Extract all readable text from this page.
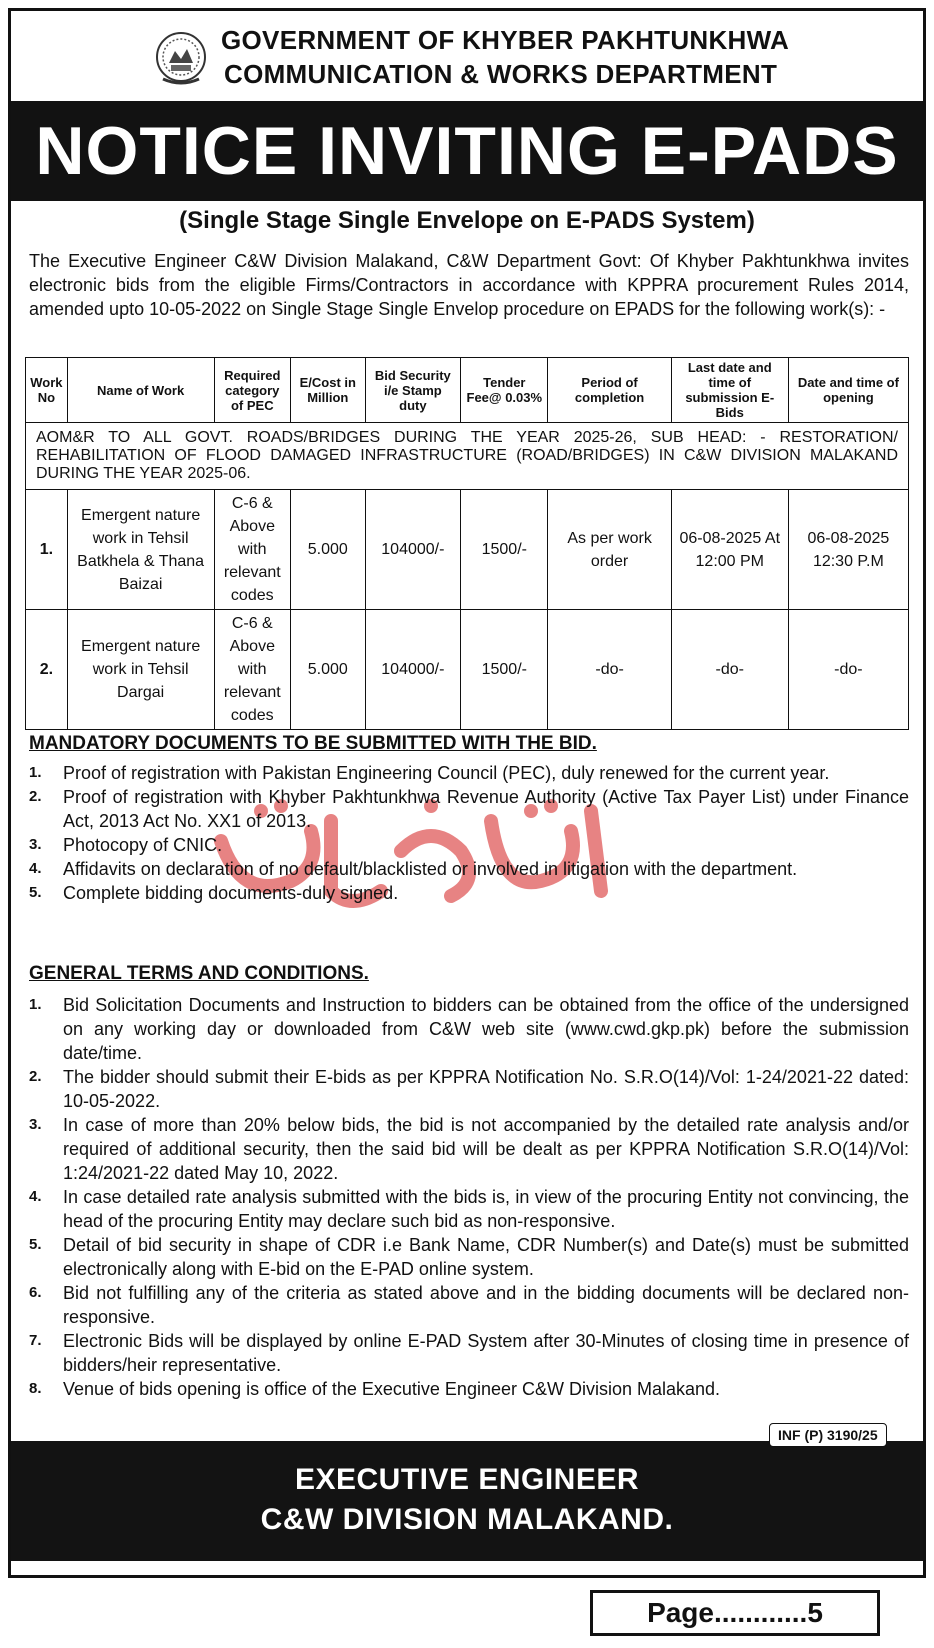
GOVERNMENT OF KHYBER PAKHTUNKHWA
COMMUNICATION & WORKS DEPARTMENT
NOTICE INVITING E-PADS
(Single Stage Single Envelope on E-PADS System)
The Executive Engineer C&W Division Malakand, C&W Department Govt: Of Khyber Pakhtunkhwa invites electronic bids from the eligible Firms/Contractors in accordance with KPPRA procurement Rules 2014, amended upto 10-05-2022 on Single Stage Single Envelop procedure on EPADS for the following work(s): -
Work No	Name of Work	Required category of PEC	E/Cost in Million	Bid Security i/e Stamp duty	Tender Fee@ 0.03%	Period of completion	Last date and time of submission E-Bids	Date and time of opening
AOM&R TO ALL GOVT. ROADS/BRIDGES DURING THE YEAR 2025-26, SUB HEAD: - RESTORATION/ REHABILITATION OF FLOOD DAMAGED INFRASTRUCTURE (ROAD/BRIDGES) IN C&W DIVISION MALAKAND DURING THE YEAR 2025-06.								
1.	Emergent nature work in Tehsil Batkhela & Thana Baizai	C-6 & Above with relevant codes	5.000	104000/-	1500/-	As per work order	06-08-2025 At 12:00 PM	06-08-2025 12:30 P.M
2.	Emergent nature work in Tehsil Dargai	C-6 & Above with relevant codes	5.000	104000/-	1500/-	-do-	-do-	-do-
MANDATORY DOCUMENTS TO BE SUBMITTED WITH THE BID.
1. Proof of registration with Pakistan Engineering Council (PEC), duly renewed for the current year.
2. Proof of registration with Khyber Pakhtunkhwa Revenue Authority (Active Tax Payer List) under Finance Act, 2013 Act No. XX1 of 2013.
3. Photocopy of CNIC.
4. Affidavits on declaration of no default/blacklisted or involved in litigation with the department.
5. Complete bidding documents-duly signed.
GENERAL TERMS AND CONDITIONS.
1. Bid Solicitation Documents and Instruction to bidders can be obtained from the office of the undersigned on any working day or downloaded from C&W web site (www.cwd.gkp.pk) before the submission date/time.
2. The bidder should submit their E-bids as per KPPRA Notification No. S.R.O(14)/Vol: 1-24/2021-22 dated: 10-05-2022.
3. In case of more than 20% below bids, the bid is not accompanied by the detailed rate analysis and/or required of additional security, then the said bid will be dealt as per KPPRA Notification S.R.O(14)/Vol: 1:24/2021-22 dated May 10, 2022.
4. In case detailed rate analysis submitted with the bids is, in view of the procuring Entity not convincing, the head of the procuring Entity may declare such bid as non-responsive.
5. Detail of bid security in shape of CDR i.e Bank Name, CDR Number(s) and Date(s) must be submitted electronically along with E-bid on the E-PAD online system.
6. Bid not fulfilling any of the criteria as stated above and in the bidding documents will be declared non-responsive.
7. Electronic Bids will be displayed by online E-PAD System after 30-Minutes of closing time in presence of bidders/heir representative.
8. Venue of bids opening is office of the Executive Engineer C&W Division Malakand.
EXECUTIVE ENGINEER
C&W DIVISION MALAKAND.
INF (P) 3190/25
Page............5
